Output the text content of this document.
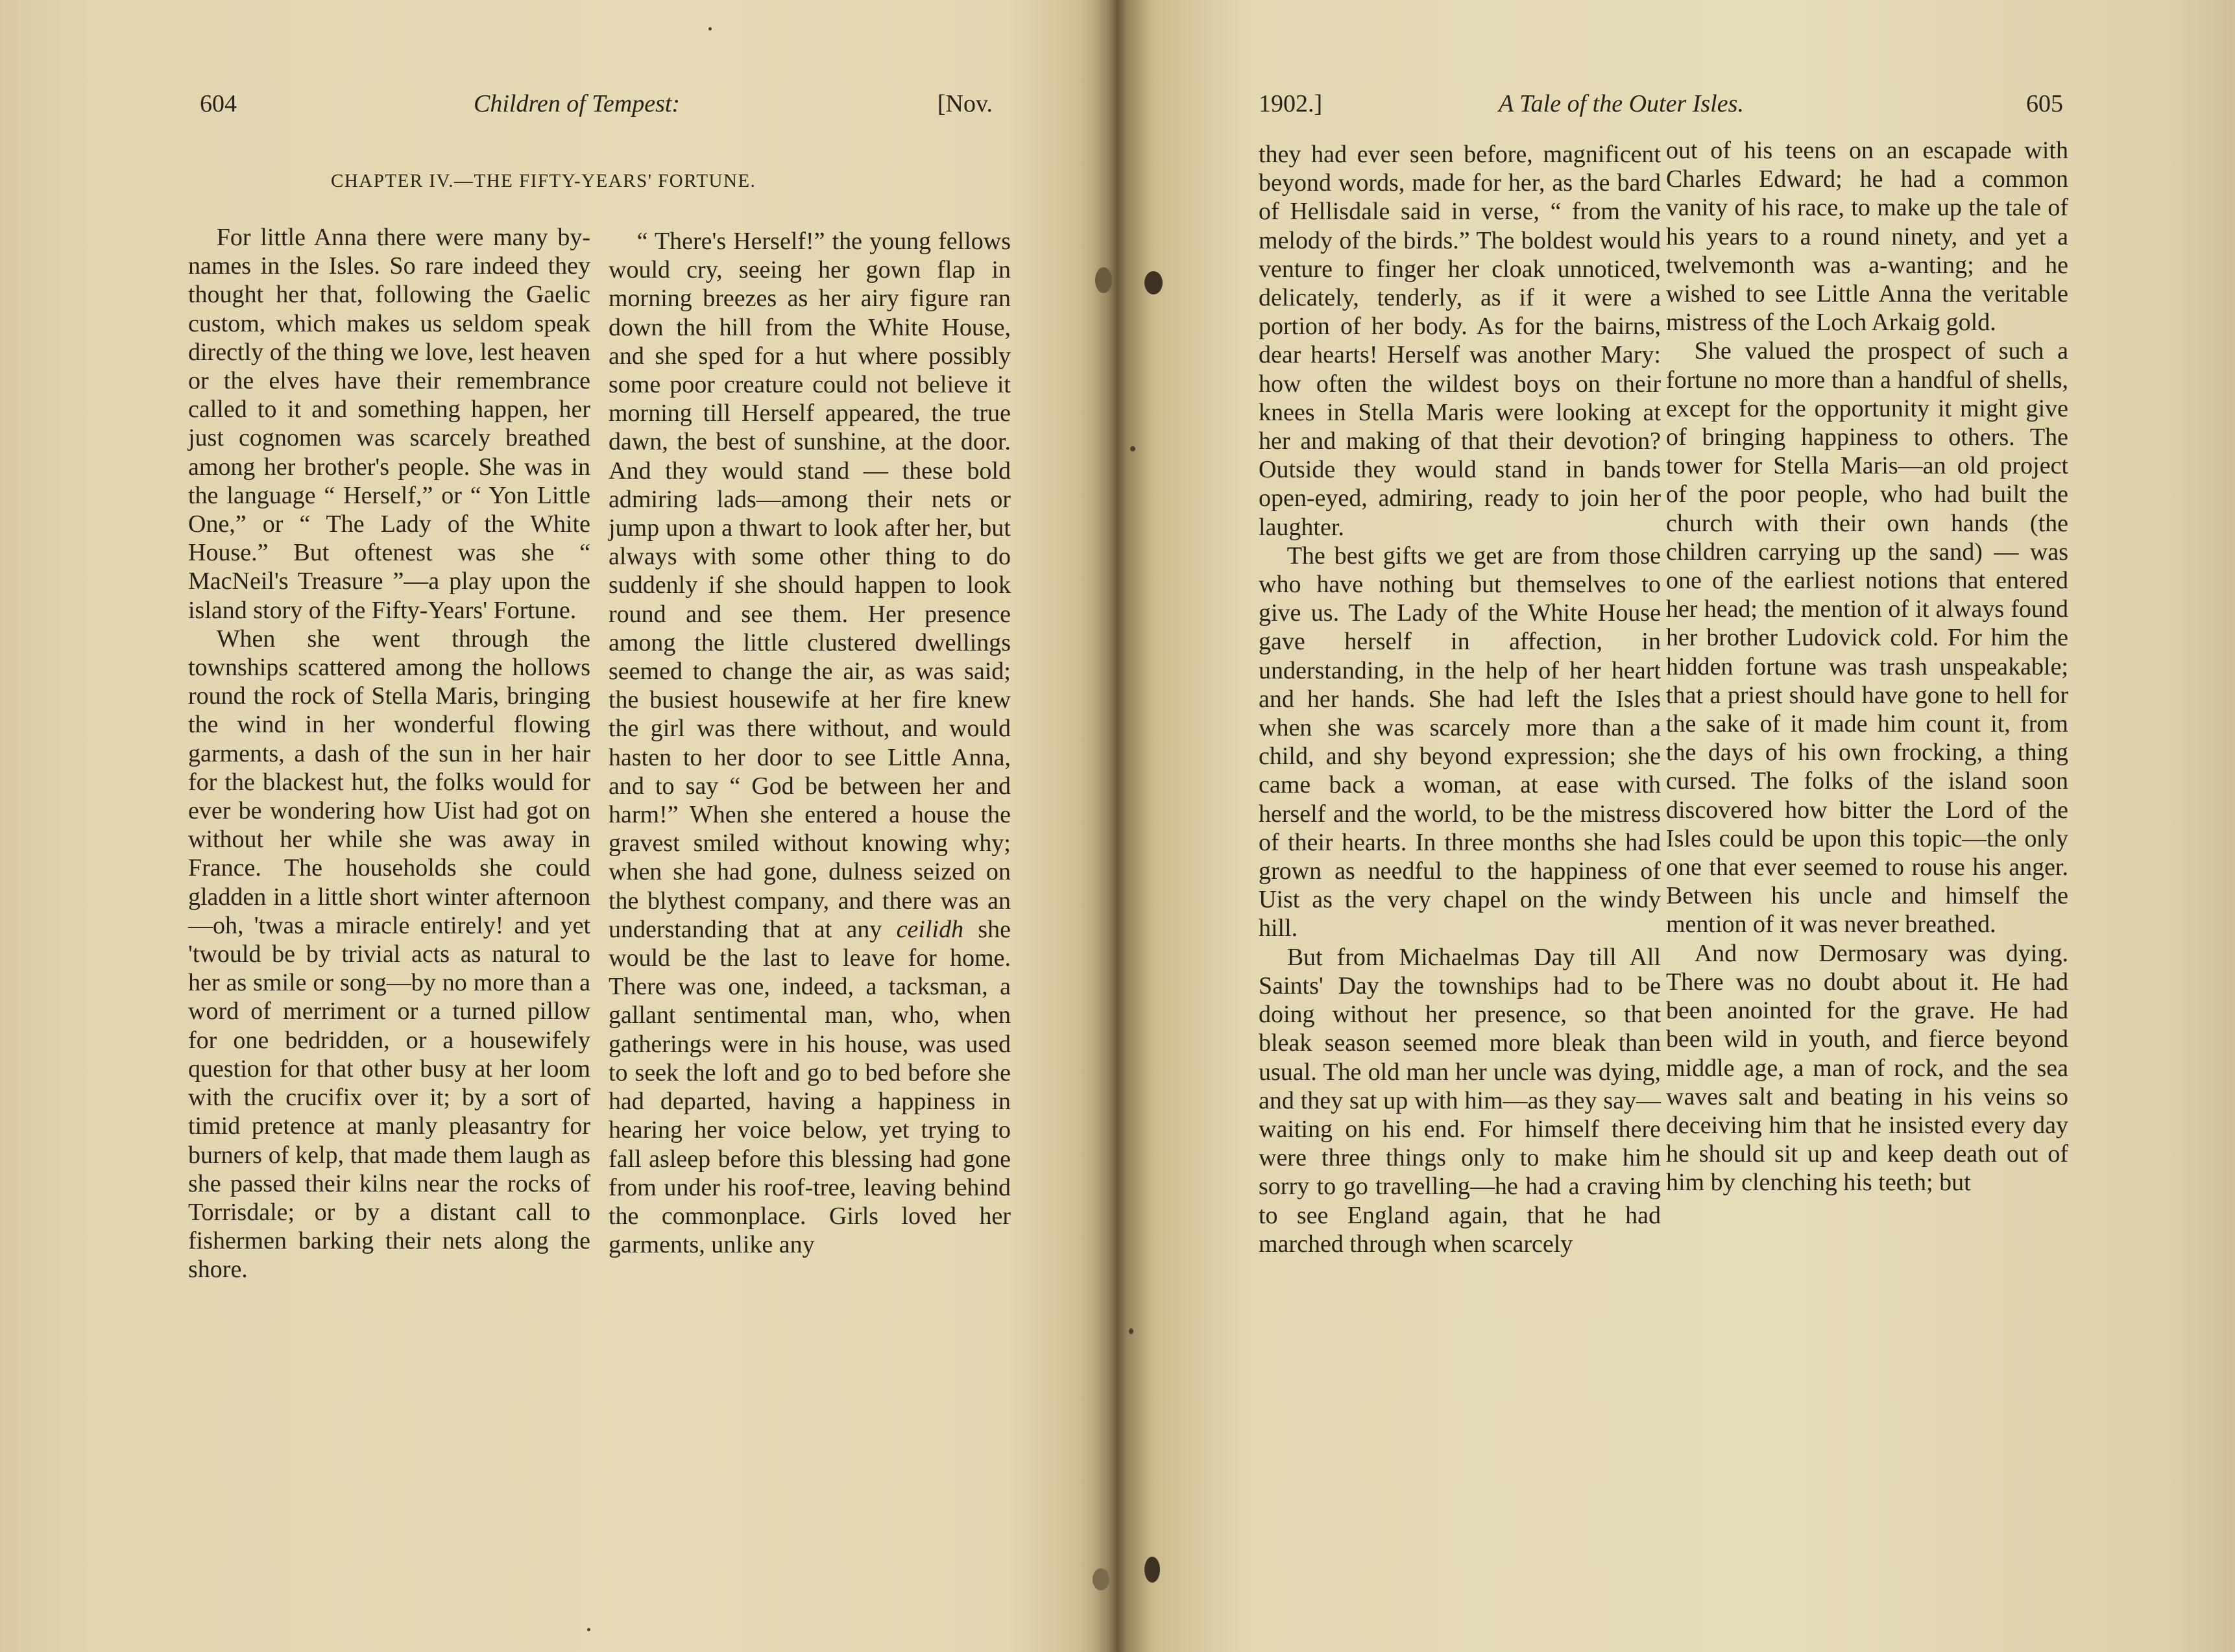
604	Children of Tempest:	[Nov.
CHAPTER IV.—THE FIFTY-YEARS' FORTUNE.

For little Anna there were many by-names in the Isles. So rare indeed they thought her that, following the Gaelic custom, which makes us seldom speak directly of the thing we love, lest heaven or the elves have their remembrance called to it and something happen, her just cognomen was scarcely breathed among her brother's people. She was in the language “ Herself,” or “ Yon Little One,” or “ The Lady of the White House.” But oftenest was she “ MacNeil's Treasure ”—a play upon the island story of the Fifty-Years' Fortune.

When she went through the townships scattered among the hollows round the rock of Stella Maris, bringing the wind in her wonderful flowing garments, a dash of the sun in her hair for the blackest hut, the folks would for ever be wondering how Uist had got on without her while she was away in France. The households she could gladden in a little short winter afternoon—oh, 'twas a miracle entirely! and yet 'twould be by trivial acts as natural to her as smile or song—by no more than a word of merriment or a turned pillow for one bedridden, or a housewifely question for that other busy at her loom with the crucifix over it; by a sort of timid pretence at manly pleasantry for burners of kelp, that made them laugh as she passed their kilns near the rocks of Torrisdale; or by a distant call to fishermen barking their nets along the shore.

“ There's Herself!” the young fellows would cry, seeing her gown flap in morning breezes as her airy figure ran down the hill from the White House, and she sped for a hut where possibly some poor creature could not believe it morning till Herself appeared, the true dawn, the best of sunshine, at the door. And they would stand — these bold admiring lads—among their nets or jump upon a thwart to look after her, but always with some other thing to do suddenly if she should happen to look round and see them. Her presence among the little clustered dwellings seemed to change the air, as was said; the busiest housewife at her fire knew the girl was there without, and would hasten to her door to see Little Anna, and to say “ God be between her and harm!” When she entered a house the gravest smiled without knowing why; when she had gone, dulness seized on the blythest company, and there was an understanding that at any ceilidh she would be the last to leave for home. There was one, indeed, a tacksman, a gallant sentimental man, who, when gatherings were in his house, was used to seek the loft and go to bed before she had departed, having a happiness in hearing her voice below, yet trying to fall asleep before this blessing had gone from under his roof-tree, leaving behind the commonplace. Girls loved her garments, unlike any

1902.]	A Tale of the Outer Isles.	605

they had ever seen before, magnificent beyond words, made for her, as the bard of Hellisdale said in verse, “ from the melody of the birds.” The boldest would venture to finger her cloak unnoticed, delicately, tenderly, as if it were a portion of her body. As for the bairns, dear hearts! Herself was another Mary: how often the wildest boys on their knees in Stella Maris were looking at her and making of that their devotion? Outside they would stand in bands open-eyed, admiring, ready to join her laughter.

The best gifts we get are from those who have nothing but themselves to give us. The Lady of the White House gave herself in affection, in understanding, in the help of her heart and her hands. She had left the Isles when she was scarcely more than a child, and shy beyond expression; she came back a woman, at ease with herself and the world, to be the mistress of their hearts. In three months she had grown as needful to the happiness of Uist as the very chapel on the windy hill.

But from Michaelmas Day till All Saints' Day the townships had to be doing without her presence, so that bleak season seemed more bleak than usual. The old man her uncle was dying, and they sat up with him—as they say—waiting on his end. For himself there were three things only to make him sorry to go travelling—he had a craving to see England again, that he had marched through when scarcely

out of his teens on an escapade with Charles Edward; he had a common vanity of his race, to make up the tale of his years to a round ninety, and yet a twelvemonth was a-wanting; and he wished to see Little Anna the veritable mistress of the Loch Arkaig gold.

She valued the prospect of such a fortune no more than a handful of shells, except for the opportunity it might give of bringing happiness to others. The tower for Stella Maris—an old project of the poor people, who had built the church with their own hands (the children carrying up the sand) — was one of the earliest notions that entered her head; the mention of it always found her brother Ludovick cold. For him the hidden fortune was trash unspeakable; that a priest should have gone to hell for the sake of it made him count it, from the days of his own frocking, a thing cursed. The folks of the island soon discovered how bitter the Lord of the Isles could be upon this topic—the only one that ever seemed to rouse his anger. Between his uncle and himself the mention of it was never breathed.

And now Dermosary was dying. There was no doubt about it. He had been anointed for the grave. He had been wild in youth, and fierce beyond middle age, a man of rock, and the sea waves salt and beating in his veins so deceiving him that he insisted every day he should sit up and keep death out of him by clenching his teeth; but
